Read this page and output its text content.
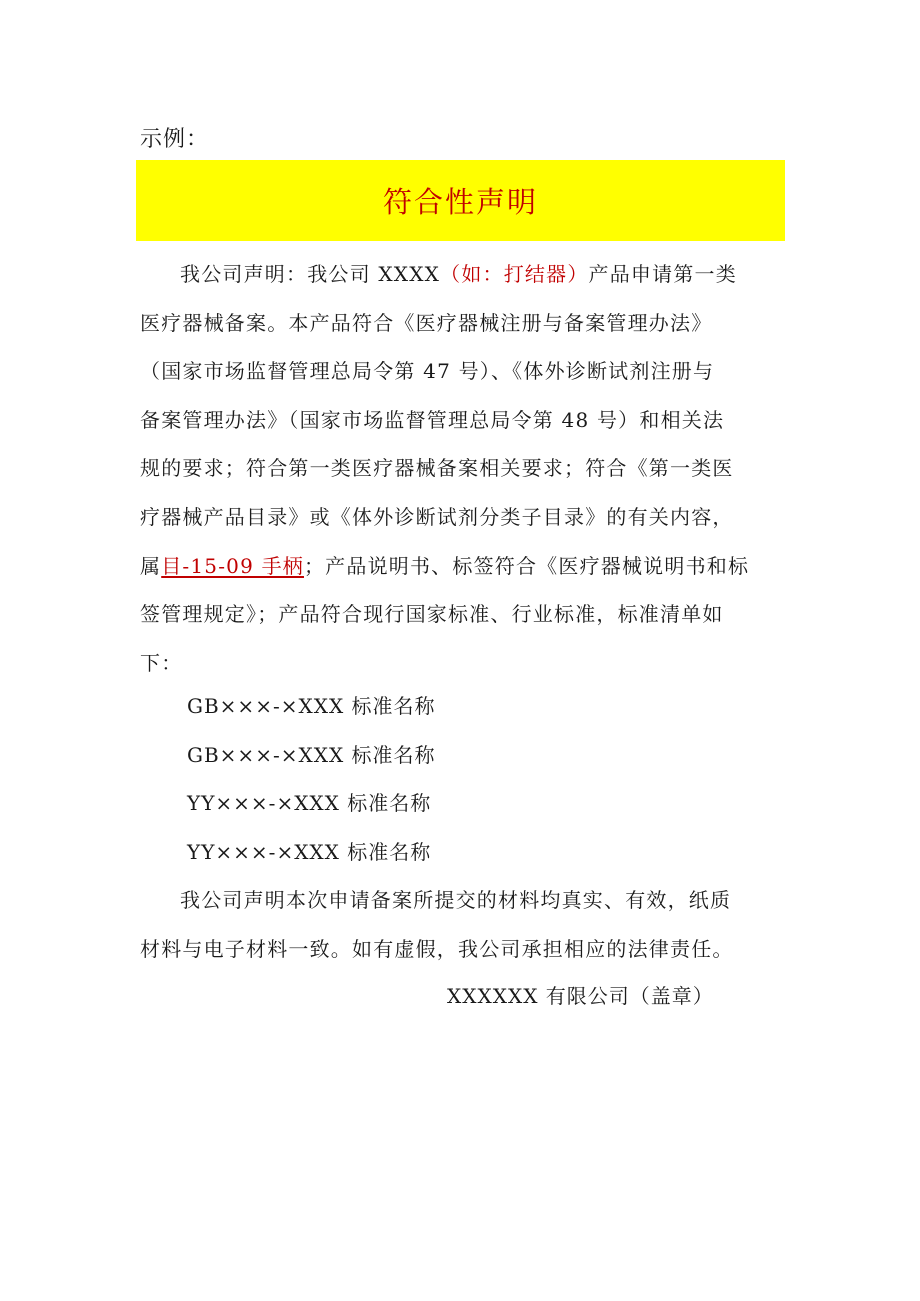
示例：
符合性声明
我公司声明：我公司 XXXX（如：打结器）产品申请第一类
医疗器械备案。本产品符合《医疗器械注册与备案管理办法》
（国家市场监督管理总局令第 47 号）、《体外诊断试剂注册与
备案管理办法》（国家市场监督管理总局令第 48 号）和相关法
规的要求；符合第一类医疗器械备案相关要求；符合《第一类医
疗器械产品目录》或《体外诊断试剂分类子目录》的有关内容，
属目-15-09 手柄；产品说明书、标签符合《医疗器械说明书和标
签管理规定》；产品符合现行国家标准、行业标准，标准清单如
下：
GB×××-×XXX 标准名称
GB×××-×XXX 标准名称
YY×××-×XXX 标准名称
YY×××-×XXX 标准名称
我公司声明本次申请备案所提交的材料均真实、有效，纸质
材料与电子材料一致。如有虚假，我公司承担相应的法律责任。
XXXXXX 有限公司（盖章）
